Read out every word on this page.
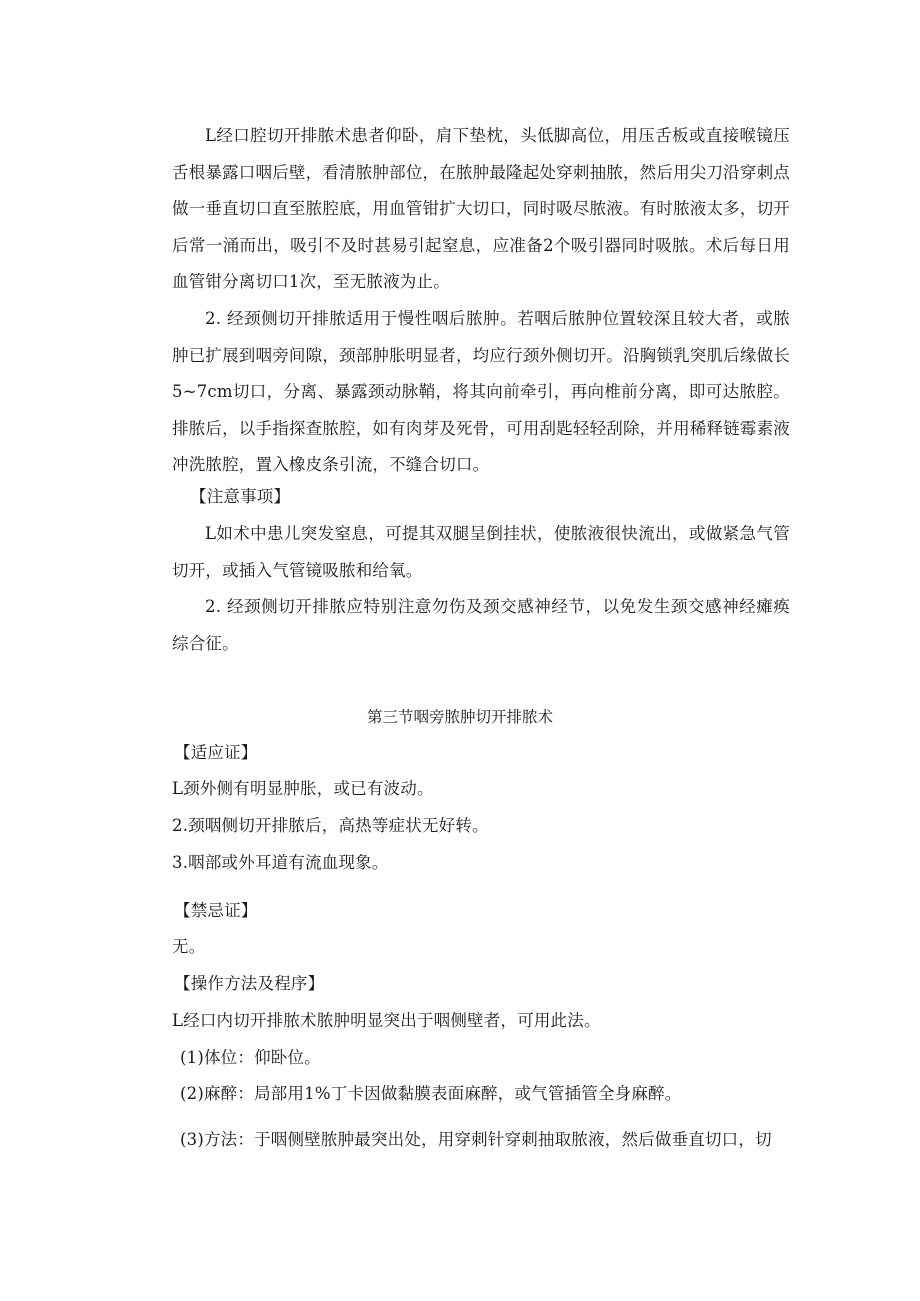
L经口腔切开排脓术患者仰卧，肩下垫枕，头低脚高位，用压舌板或直接喉镜压舌根暴露口咽后壁，看清脓肿部位，在脓肿最隆起处穿刺抽脓，然后用尖刀沿穿刺点做一垂直切口直至脓腔底，用血管钳扩大切口，同时吸尽脓液。有时脓液太多，切开后常一涌而出，吸引不及时甚易引起窒息，应准备2个吸引器同时吸脓。术后每日用血管钳分离切口1次，至无脓液为止。

2. 经颈侧切开排脓适用于慢性咽后脓肿。若咽后脓肿位置较深且较大者，或脓肿已扩展到咽旁间隙，颈部肿胀明显者，均应行颈外侧切开。沿胸锁乳突肌后缘做长5~7cm切口，分离、暴露颈动脉鞘，将其向前牵引，再向椎前分离，即可达脓腔。排脓后，以手指探查脓腔，如有肉芽及死骨，可用刮匙轻轻刮除，并用稀释链霉素液冲洗脓腔，置入橡皮条引流，不缝合切口。

【注意事项】

L如术中患儿突发窒息，可提其双腿呈倒挂状，使脓液很快流出，或做紧急气管切开，或插入气管镜吸脓和给氧。

2. 经颈侧切开排脓应特别注意勿伤及颈交感神经节，以免发生颈交感神经瘫痪综合征。

第三节咽旁脓肿切开排脓术

【适应证】

L颈外侧有明显肿胀，或已有波动。

2.颈咽侧切开排脓后，高热等症状无好转。

3.咽部或外耳道有流血现象。

【禁忌证】

无。

【操作方法及程序】

L经口内切开排脓术脓肿明显突出于咽侧壁者，可用此法。

(1)体位：仰卧位。

(2)麻醉：局部用1%丁卡因做黏膜表面麻醉，或气管插管全身麻醉。

(3)方法：于咽侧壁脓肿最突出处，用穿刺针穿刺抽取脓液，然后做垂直切口，切
